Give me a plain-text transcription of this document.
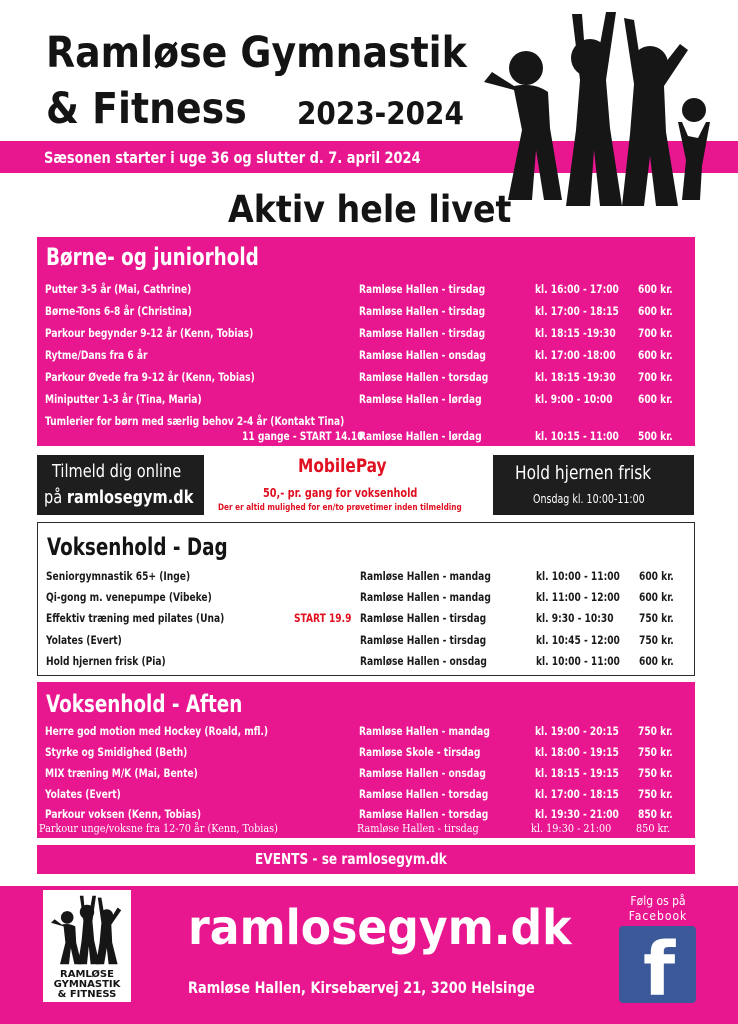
Ramløse Gymnastik
& Fitness 2023-2024
Sæsonen starter i uge 36 og slutter d. 7. april 2024
Aktiv hele livet
Børne- og juniorhold
Putter 3-5 år (Mai, Cathrine)	Ramløse Hallen - tirsdag	kl. 16:00 - 17:00 600 kr.
Børne-Tons 6-8 år (Christina)	Ramløse Hallen - tirsdag	kl. 17:00 - 18:15 600 kr.
Parkour begynder 9-12 år (Kenn, Tobias)	Ramløse Hallen - tirsdag	kl. 18:15 -19:30 700 kr.
Rytme/Dans fra 6 år	Ramløse Hallen - onsdag	kl. 17:00 -18:00 600 kr.
Parkour Øvede fra 9-12 år (Kenn, Tobias)	Ramløse Hallen - torsdag	kl. 18:15 -19:30 700 kr.
Miniputter 1-3 år (Tina, Maria)	Ramløse Hallen - lørdag	kl. 9:00 - 10:00 600 kr.
Tumlerier for børn med særlig behov 2-4 år (Kontakt Tina)
11 gange - START 14.10
Ramløse Hallen - lørdag	kl. 10:15 - 11:00 500 kr.
Tilmeld dig online
på ramlosegym.dk
MobilePay
50,- pr. gang for voksenhold
Der er altid mulighed for en/to prøvetimer inden tilmelding
Hold hjernen frisk
Onsdag kl. 10:00-11:00
Voksenhold - Dag
Seniorgymnastik 65+ (Inge)	Ramløse Hallen - mandag	kl. 10:00 - 11:00 600 kr.
Qi-gong m. venepumpe (Vibeke)	Ramløse Hallen - mandag	kl. 11:00 - 12:00 600 kr.
Effektiv træning med pilates (Una)	START 19.9 Ramløse Hallen - tirsdag	kl. 9:30 - 10:30 750 kr.
Yolates (Evert)	Ramløse Hallen - tirsdag	kl. 10:45 - 12:00 750 kr.
Hold hjernen frisk (Pia)	Ramløse Hallen - onsdag	kl. 10:00 - 11:00 600 kr.
Voksenhold - Aften
Herre god motion med Hockey (Roald, mfl.)	Ramløse Hallen - mandag	kl. 19:00 - 20:15 750 kr.
Styrke og Smidighed (Beth)	Ramløse Skole - tirsdag	kl. 18:00 - 19:15 750 kr.
MIX træning M/K (Mai, Bente)	Ramløse Hallen - onsdag	kl. 18:15 - 19:15 750 kr.
Yolates (Evert)	Ramløse Hallen - torsdag	kl. 17:00 - 18:15 750 kr.
Parkour voksen (Kenn, Tobias)	Ramløse Hallen - torsdag	kl. 19:30 - 21:00 850 kr.
Parkour unge/voksne fra 12-70 år (Kenn, Tobias)	Ramløse Hallen - tirsdag	kl. 19:30 - 21:00 850 kr.
EVENTS - se ramlosegym.dk
RAMLØSE
GYMNASTIK
& FITNESS
ramlosegym.dk
Ramløse Hallen, Kirsebærvej 21, 3200 Helsinge
Følg os på
Facebook
f
